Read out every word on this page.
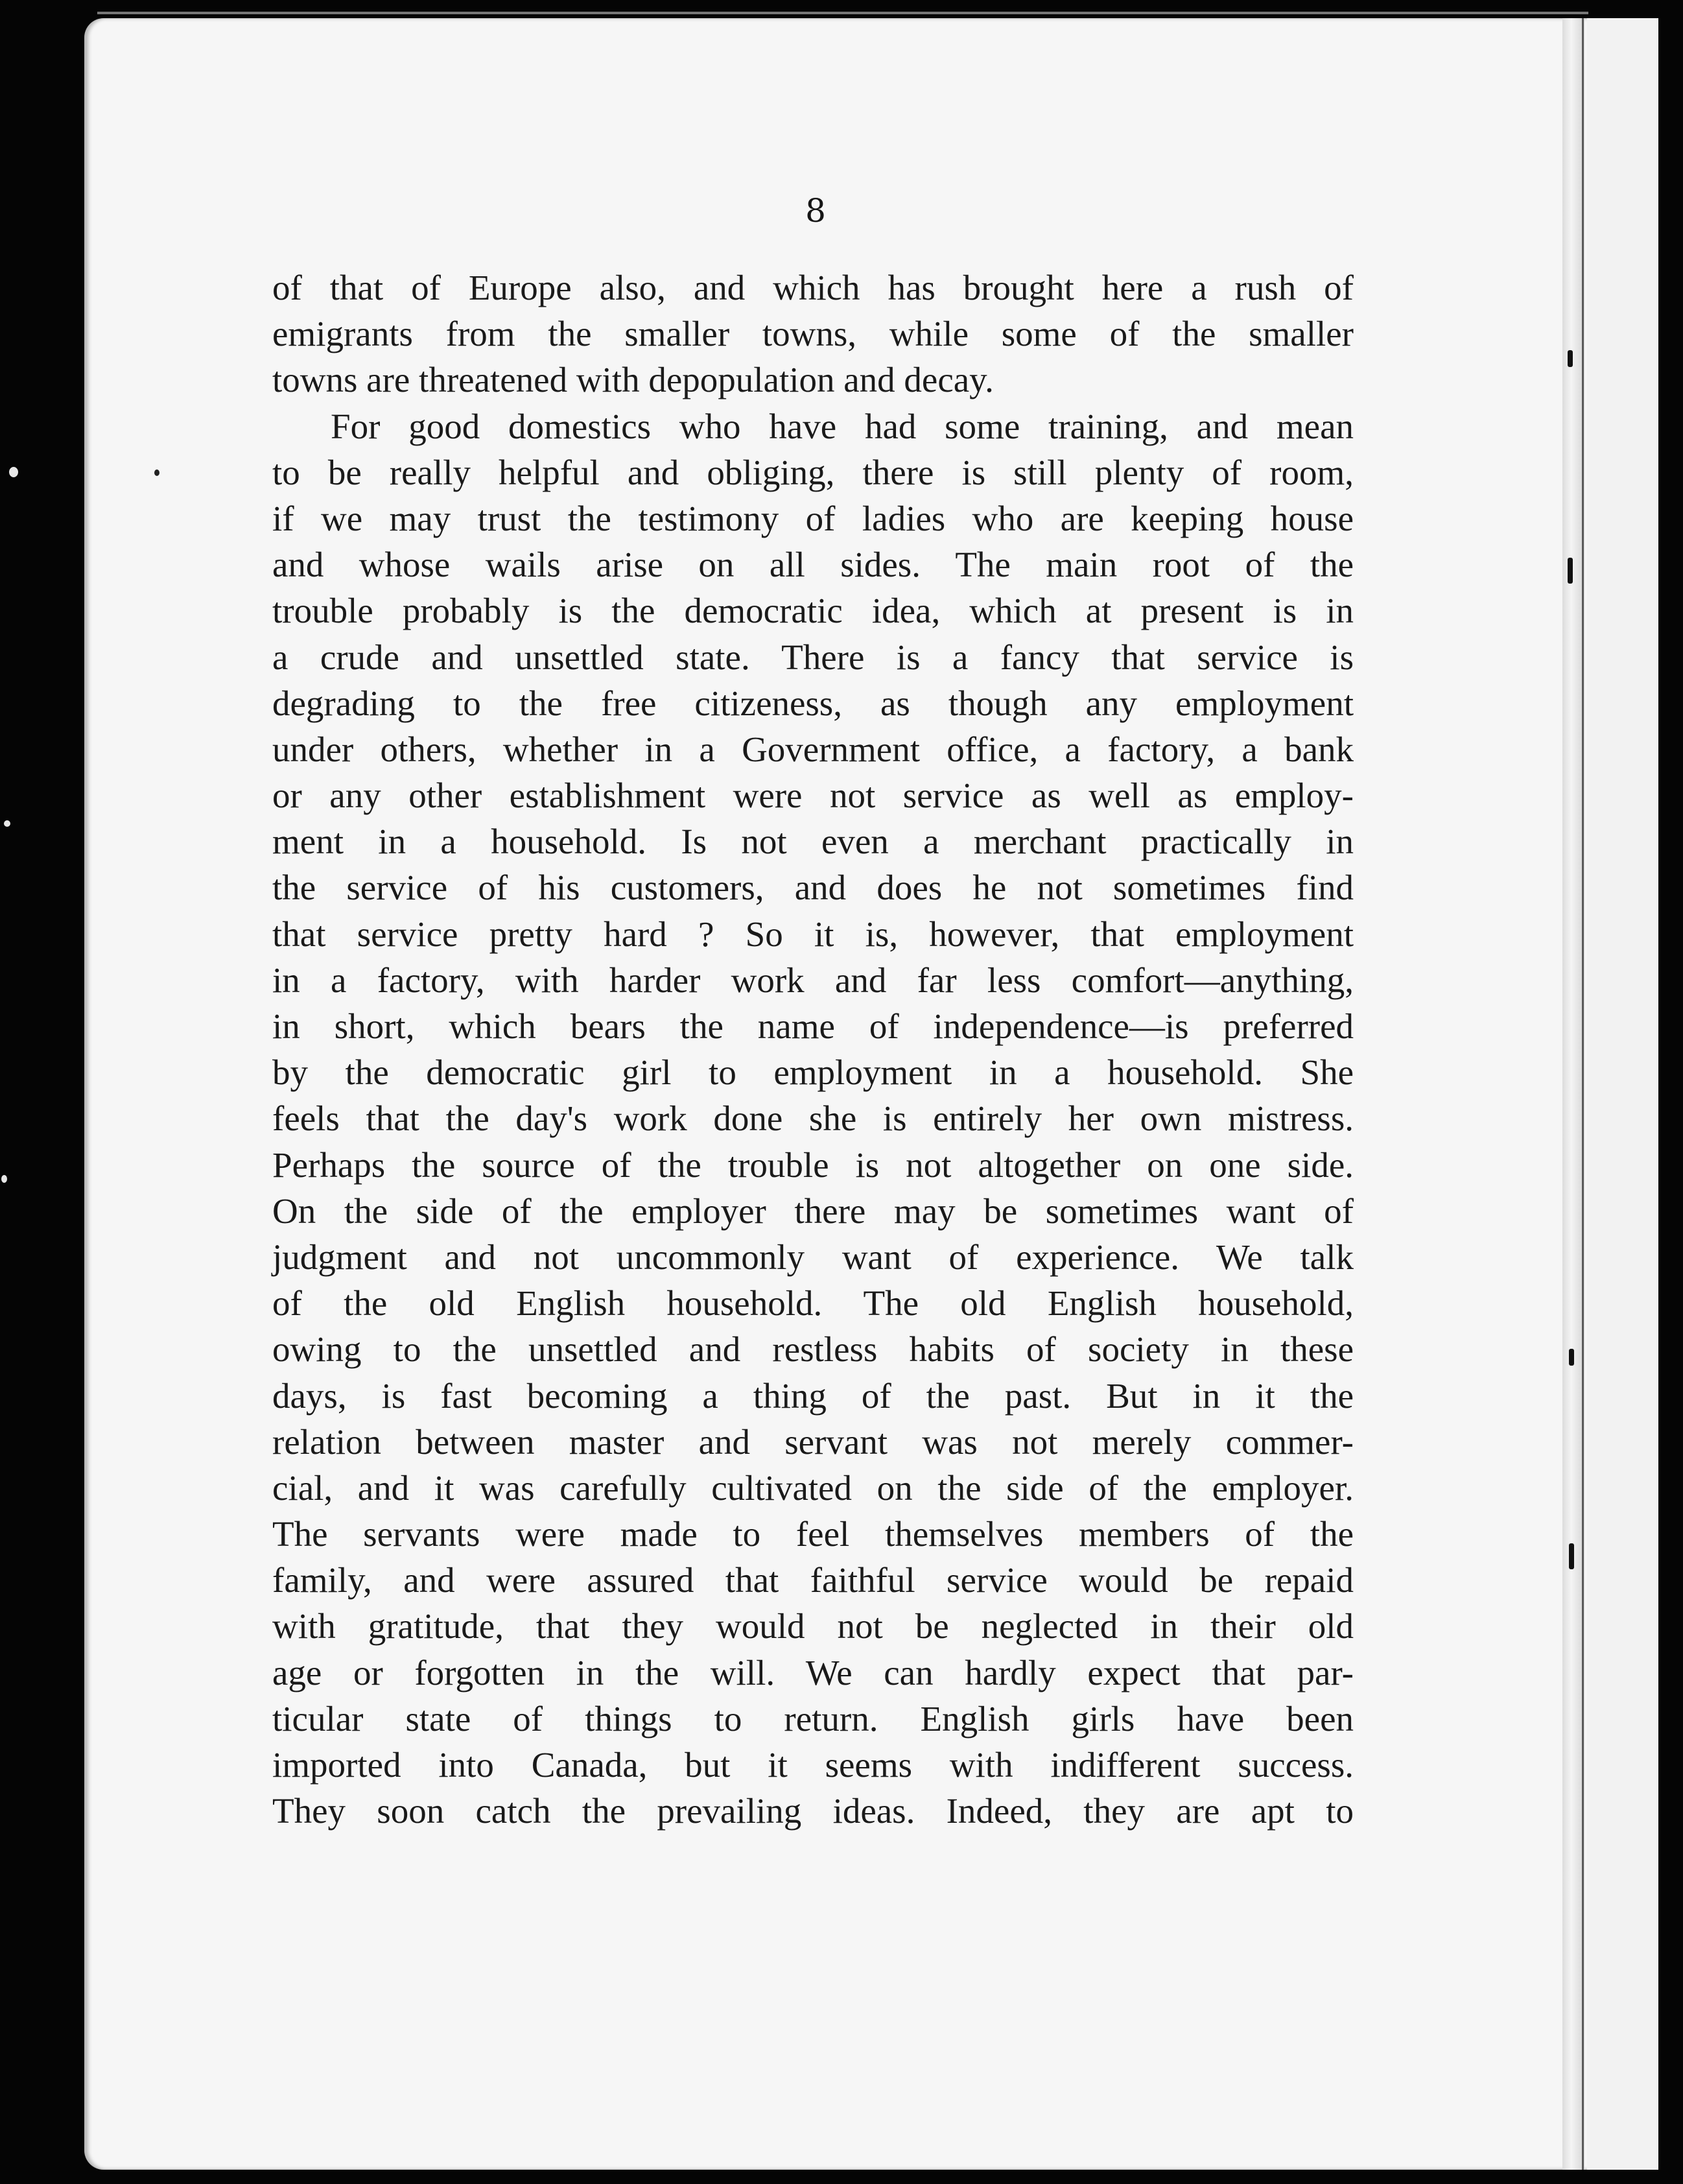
8
of that of Europe also, and which has brought here a rush of
emigrants from the smaller towns, while some of the smaller
towns are threatened with depopulation and decay.
For good domestics who have had some training, and mean
to be really helpful and obliging, there is still plenty of room,
if we may trust the testimony of ladies who are keeping house
and whose wails arise on all sides. The main root of the
trouble probably is the democratic idea, which at present is in
a crude and unsettled state. There is a fancy that service is
degrading to the free citizeness, as though any employment
under others, whether in a Government office, a factory, a bank
or any other establishment were not service as well as employ-
ment in a household. Is not even a merchant practically in
the service of his customers, and does he not sometimes find
that service pretty hard ? So it is, however, that employment
in a factory, with harder work and far less comfort—anything,
in short, which bears the name of independence—is preferred
by the democratic girl to employment in a household. She
feels that the day's work done she is entirely her own mistress.
Perhaps the source of the trouble is not altogether on one side.
On the side of the employer there may be sometimes want of
judgment and not uncommonly want of experience. We talk
of the old English household. The old English household,
owing to the unsettled and restless habits of society in these
days, is fast becoming a thing of the past. But in it the
relation between master and servant was not merely commer-
cial, and it was carefully cultivated on the side of the employer.
The servants were made to feel themselves members of the
family, and were assured that faithful service would be repaid
with gratitude, that they would not be neglected in their old
age or forgotten in the will. We can hardly expect that par-
ticular state of things to return. English girls have been
imported into Canada, but it seems with indifferent success.
They soon catch the prevailing ideas. Indeed, they are apt to
